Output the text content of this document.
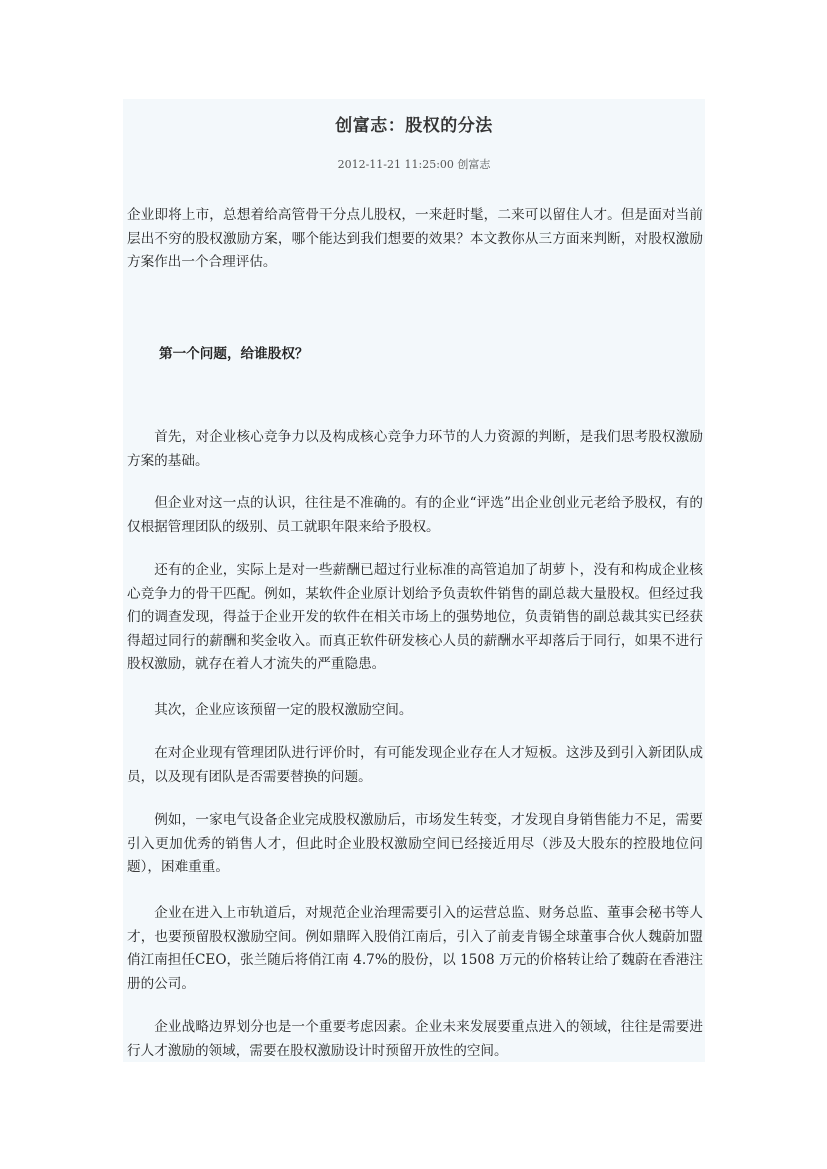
创富志：股权的分法
2012-11-21 11:25:00 创富志

企业即将上市，总想着给高管骨干分点儿股权，一来赶时髦，二来可以留住人才。但是面对当前层出不穷的股权激励方案，哪个能达到我们想要的效果？本文教你从三方面来判断，对股权激励方案作出一个合理评估。

第一个问题，给谁股权？

首先，对企业核心竞争力以及构成核心竞争力环节的人力资源的判断，是我们思考股权激励方案的基础。

但企业对这一点的认识，往往是不准确的。有的企业“评选”出企业创业元老给予股权，有的仅根据管理团队的级别、员工就职年限来给予股权。

还有的企业，实际上是对一些薪酬已超过行业标准的高管追加了胡萝卜，没有和构成企业核心竞争力的骨干匹配。例如，某软件企业原计划给予负责软件销售的副总裁大量股权。但经过我们的调查发现，得益于企业开发的软件在相关市场上的强势地位，负责销售的副总裁其实已经获得超过同行的薪酬和奖金收入。而真正软件研发核心人员的薪酬水平却落后于同行，如果不进行股权激励，就存在着人才流失的严重隐患。

其次，企业应该预留一定的股权激励空间。

在对企业现有管理团队进行评价时，有可能发现企业存在人才短板。这涉及到引入新团队成员，以及现有团队是否需要替换的问题。

例如，一家电气设备企业完成股权激励后，市场发生转变，才发现自身销售能力不足，需要引入更加优秀的销售人才，但此时企业股权激励空间已经接近用尽（涉及大股东的控股地位问题），困难重重。

企业在进入上市轨道后，对规范企业治理需要引入的运营总监、财务总监、董事会秘书等人才，也要预留股权激励空间。例如鼎晖入股俏江南后，引入了前麦肯锡全球董事合伙人魏蔚加盟俏江南担任CEO，张兰随后将俏江南 4.7%的股份，以 1508 万元的价格转让给了魏蔚在香港注册的公司。

企业战略边界划分也是一个重要考虑因素。企业未来发展要重点进入的领域，往往是需要进行人才激励的领域，需要在股权激励设计时预留开放性的空间。
